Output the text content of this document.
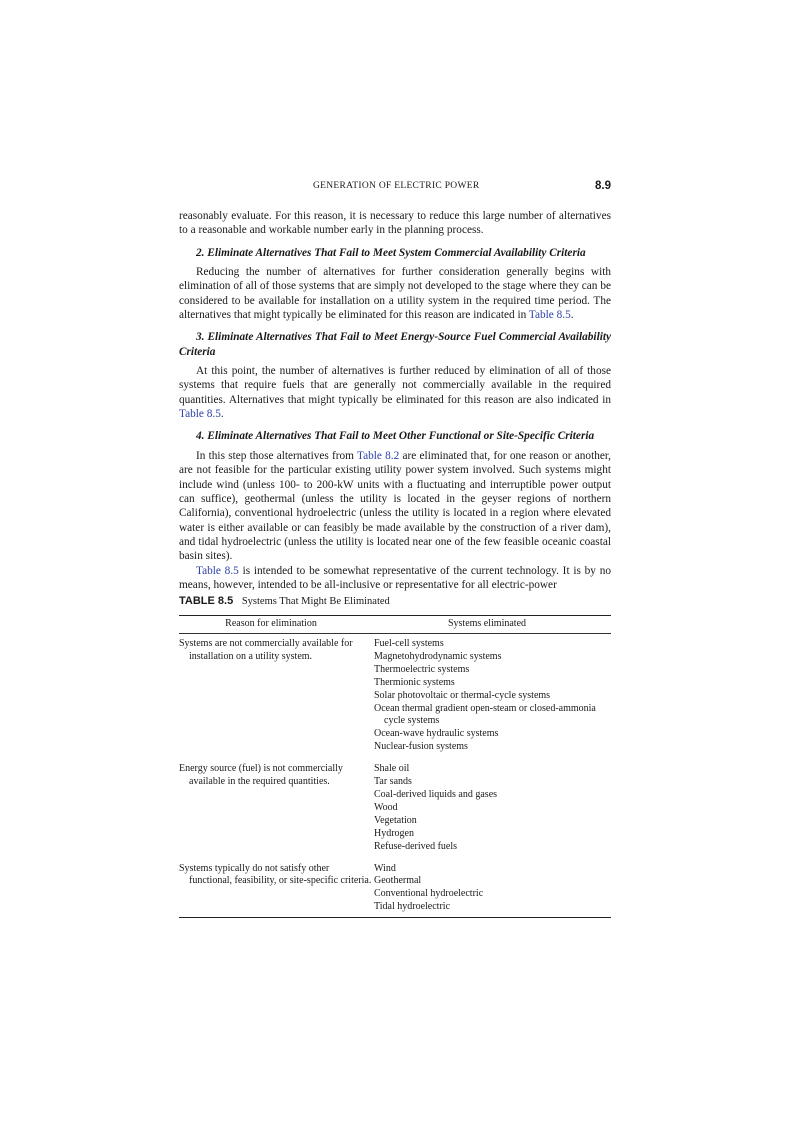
GENERATION OF ELECTRIC POWER	8.9

reasonably evaluate. For this reason, it is necessary to reduce this large number of alternatives to a reasonable and workable number early in the planning process.

2. Eliminate Alternatives That Fail to Meet System Commercial Availability Criteria

Reducing the number of alternatives for further consideration generally begins with elimination of all of those systems that are simply not developed to the stage where they can be considered to be available for installation on a utility system in the required time period. The alternatives that might typically be eliminated for this reason are indicated in Table 8.5.

3. Eliminate Alternatives That Fail to Meet Energy-Source Fuel Commercial Availability Criteria

At this point, the number of alternatives is further reduced by elimination of all of those systems that require fuels that are generally not commercially available in the required quantities. Alternatives that might typically be eliminated for this reason are also indicated in Table 8.5.

4. Eliminate Alternatives That Fail to Meet Other Functional or Site-Specific Criteria

In this step those alternatives from Table 8.2 are eliminated that, for one reason or another, are not feasible for the particular existing utility power system involved. Such systems might include wind (unless 100- to 200-kW units with a fluctuating and interruptible power output can suffice), geothermal (unless the utility is located in the geyser regions of northern California), conventional hydroelectric (unless the utility is located in a region where elevated water is either available or can feasibly be made available by the construction of a river dam), and tidal hydroelectric (unless the utility is located near one of the few feasible oceanic coastal basin sites).

Table 8.5 is intended to be somewhat representative of the current technology. It is by no means, however, intended to be all-inclusive or representative for all electric-power

TABLE 8.5 Systems That Might Be Eliminated
Reason for elimination	Systems eliminated
Systems are not commercially available for installation on a utility system.
Fuel-cell systems
Magnetohydrodynamic systems
Thermoelectric systems
Thermionic systems
Solar photovoltaic or thermal-cycle systems
Ocean thermal gradient open-steam or closed-ammonia cycle systems
Ocean-wave hydraulic systems
Nuclear-fusion systems
Energy source (fuel) is not commercially available in the required quantities.
Shale oil
Tar sands
Coal-derived liquids and gases
Wood
Vegetation
Hydrogen
Refuse-derived fuels
Systems typically do not satisfy other functional, feasibility, or site-specific criteria.
Wind
Geothermal
Conventional hydroelectric
Tidal hydroelectric
